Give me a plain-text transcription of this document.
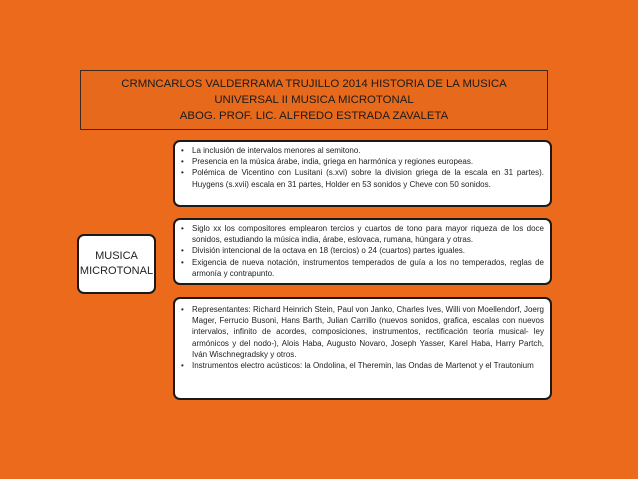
CRMNCARLOS VALDERRAMA TRUJILLO 2014 HISTORIA DE LA MUSICA
UNIVERSAL II MUSICA MICROTONAL
ABOG. PROF. LIC. ALFREDO ESTRADA ZAVALETA
MUSICA
MICROTONAL
• La inclusión de intervalos menores al semitono.
• Presencia en la música árabe, india, griega en harmónica y regiones europeas.
• Polémica de Vicentino con Lusitani (s.xvi) sobre la division griega de la escala en 31 partes). Huygens (s.xvii) escala en 31 partes, Holder en 53 sonidos y Cheve con 50 sonidos.
• Siglo xx los compositores emplearon tercios y cuartos de tono para mayor riqueza de los doce sonidos, estudiando la música india, árabe, eslovaca, rumana, húngara y otras.
• División intencional de la octava en 18 (tercios) o 24 (cuartos) partes iguales.
• Exigencia de nueva notación, instrumentos temperados de guía a los no temperados, reglas de armonía y contrapunto.
• Representantes: Richard Heinrich Stein, Paul von Janko, Charles Ives, Willi von Moellendorf, Joerg Mager, Ferrucio Busoni, Hans Barth, Julian Carrillo (nuevos sonidos, grafica, escalas con nuevos intervalos, infinito de acordes, composiciones, instrumentos, rectificación teoría musical- ley armónicos y del nodo-), Alois Haba, Augusto Novaro, Joseph Yasser, Karel Haba, Harry Partch, Iván Wischnegradsky y otros.
• Instrumentos electro acústicos: la Ondolina, el Theremin, las Ondas de Martenot y el Trautonium
